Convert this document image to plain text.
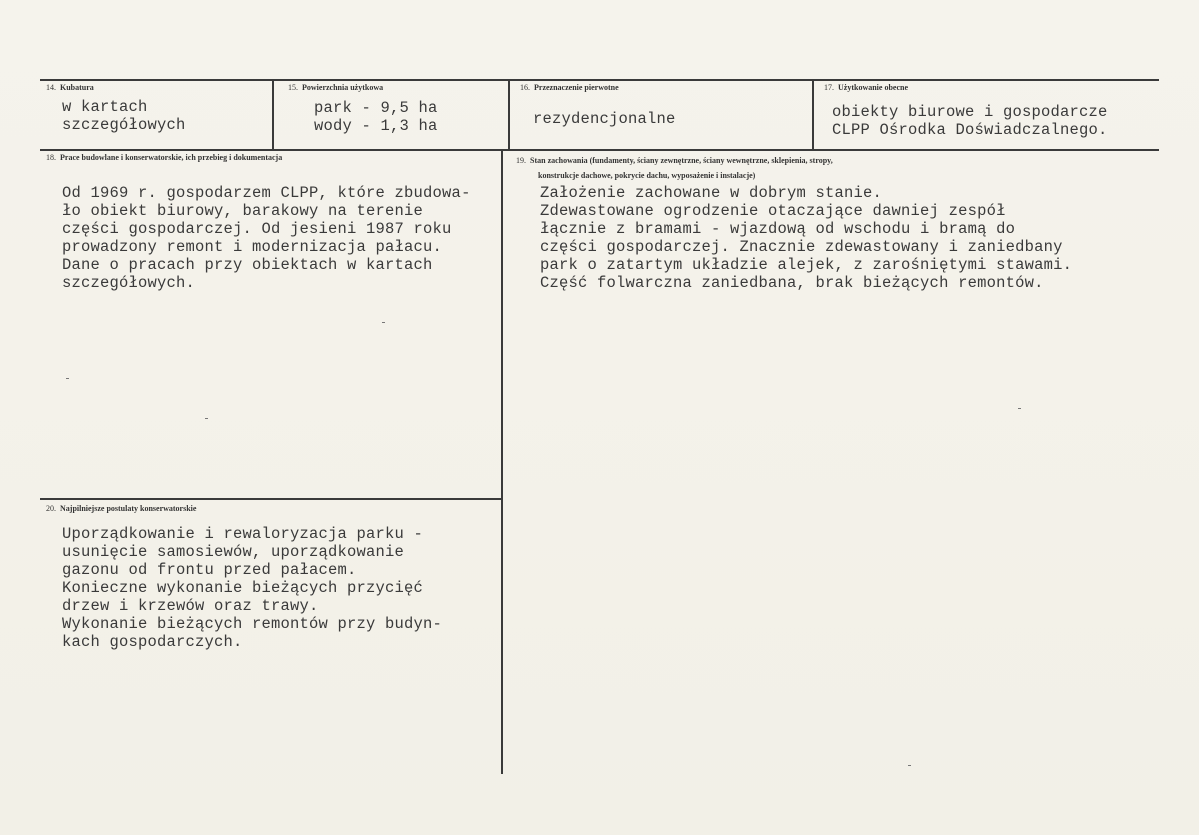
14. Kubatura
w kartach
szczegółowych
15. Powierzchnia użytkowa
park - 9,5 ha
wody - 1,3 ha
16. Przeznaczenie pierwotne
rezydencjonalne
17. Użytkowanie obecne
obiekty biurowe i gospodarcze
CLPP Ośrodka Doświadczalnego.
18. Prace budowlane i konserwatorskie, ich przebieg i dokumentacja
Od 1969 r. gospodarzem CLPP, które zbudowa-
ło obiekt biurowy, barakowy na terenie
części gospodarczej. Od jesieni 1987 roku
prowadzony remont i modernizacja pałacu.
Dane o pracach przy obiektach w kartach
szczegółowych.
19. Stan zachowania (fundamenty, ściany zewnętrzne, ściany wewnętrzne, sklepienia, stropy,
konstrukcje dachowe, pokrycie dachu, wyposażenie i instalacje)
Założenie zachowane w dobrym stanie.
Zdewastowane ogrodzenie otaczające dawniej zespół
łącznie z bramami - wjazdową od wschodu i bramą do
części gospodarczej. Znacznie zdewastowany i zaniedbany
park o zatartym układzie alejek, z zarośniętymi stawami.
Część folwarczna zaniedbana, brak bieżących remontów.
20. Najpilniejsze postulaty konserwatorskie
Uporządkowanie i rewaloryzacja parku -
usunięcie samosiewów, uporządkowanie
gazonu od frontu przed pałacem.
Konieczne wykonanie bieżących przycięć
drzew i krzewów oraz trawy.
Wykonanie bieżących remontów przy budyn-
kach gospodarczych.
